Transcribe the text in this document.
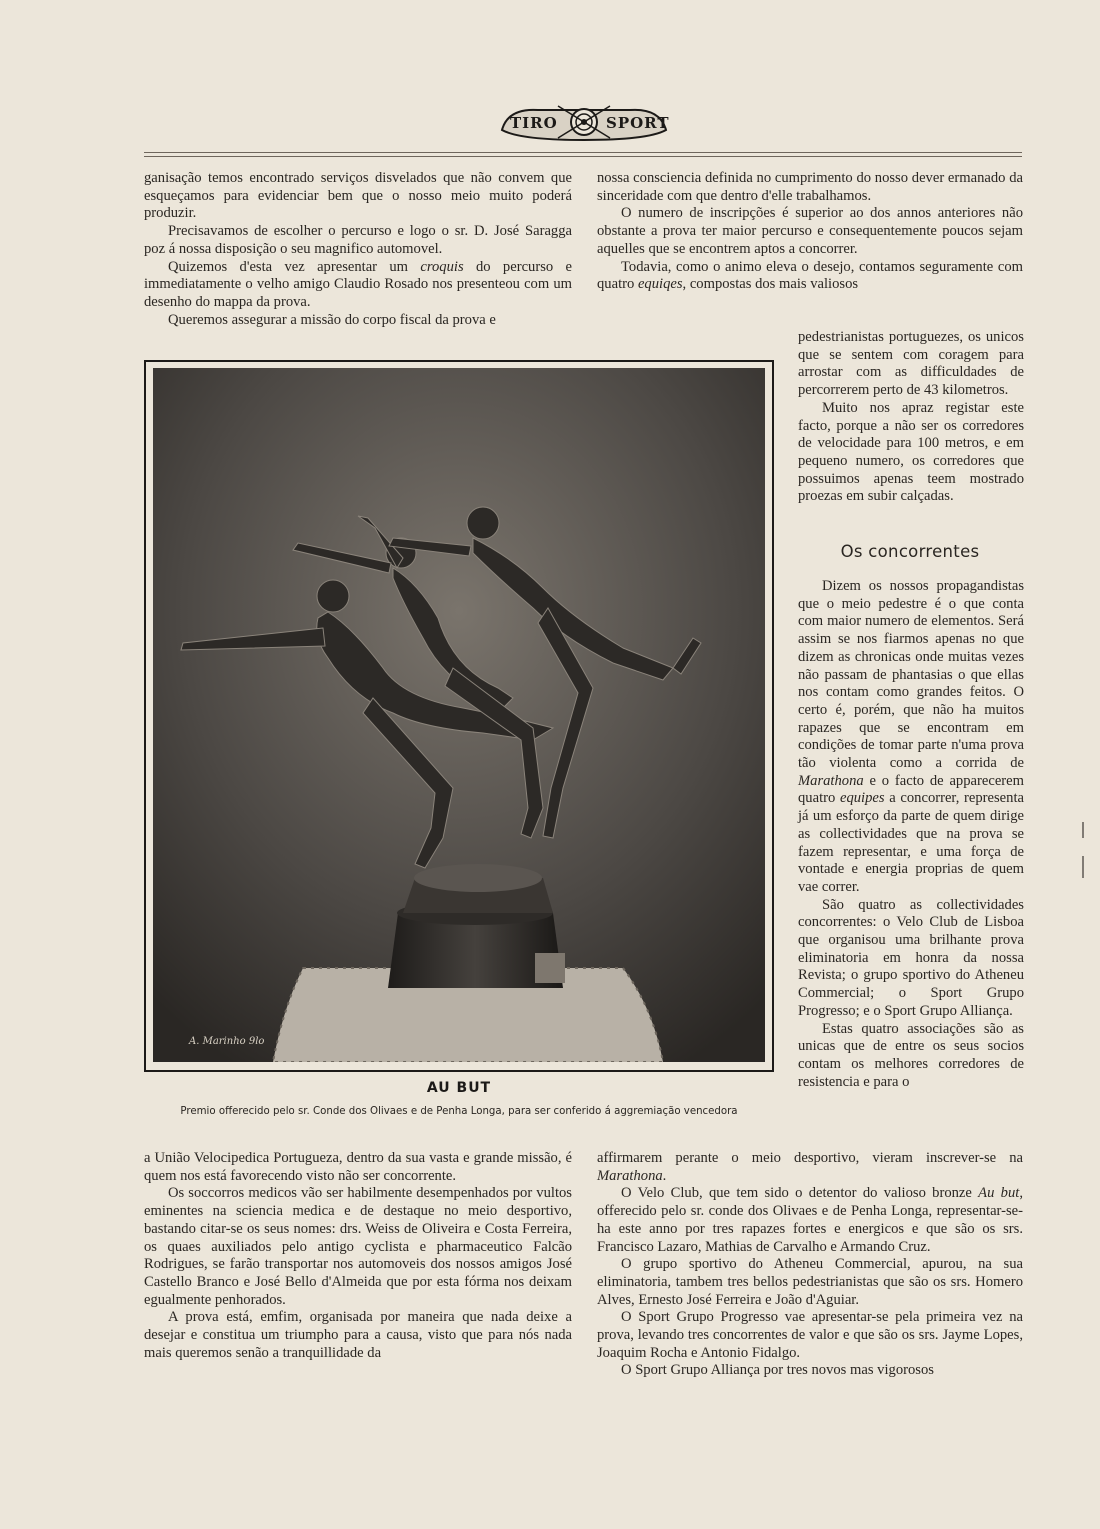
TIRO	SPORT

ganisação temos encontrado serviços disvelados que não convem que esqueçamos para evidenciar bem que o nosso meio muito poderá produzir.

Precisavamos de escolher o percurso e logo o sr. D. José Saragga poz á nossa disposição o seu magnifico automovel.

Quizemos d'esta vez apresentar um croquis do percurso e immediatamente o velho amigo Claudio Rosado nos presenteou com um desenho do mappa da prova.

Queremos assegurar a missão do corpo fiscal da prova e

nossa consciencia definida no cumprimento do nosso dever ermanado da sinceridade com que dentro d'elle trabalhamos.

O numero de inscripções é superior ao dos annos anteriores não obstante a prova ter maior percurso e consequentemente poucos sejam aquelles que se encontrem aptos a concorrer.

Todavia, como o animo eleva o desejo, contamos seguramente com quatro equiqes, compostas dos mais valiosos

pedestrianistas portuguezes, os unicos que se sentem com coragem para arrostar com as difficuldades de percorrerem perto de 43 kilometros.

Muito nos apraz registar este facto, porque a não ser os corredores de velocidade para 100 metros, e em pequeno numero, os corredores que possuimos apenas teem mostrado proezas em subir calçadas.

Os concorrentes

Dizem os nossos propagandistas que o meio pedestre é o que conta com maior numero de elementos. Será assim se nos fiarmos apenas no que dizem as chronicas onde muitas vezes não passam de phantasias o que ellas nos contam como grandes feitos. O certo é, porém, que não ha muitos rapazes que se encontram em condições de tomar parte n'uma prova tão violenta como a corrida de Marathona e o facto de apparecerem quatro equipes a concorrer, representa já um esforço da parte de quem dirige as collectividades que na prova se fazem representar, e uma força de vontade e energia proprias de quem vae correr.

São quatro as collectividades concorrentes: o Velo Club de Lisboa que organisou uma brilhante prova eliminatoria em honra da nossa Revista; o grupo sportivo do Atheneu Commercial; o Sport Grupo Progresso; e o Sport Grupo Alliança.

Estas quatro associações são as unicas que de entre os seus socios contam os melhores corredores de resistencia e para o

A. Marinho 9lo
AU BUT
Premio offerecido pelo sr. Conde dos Olivaes e de Penha Longa, para ser conferido á aggremiação vencedora

a União Velocipedica Portugueza, dentro da sua vasta e grande missão, é quem nos está favorecendo visto não ser concorrente.

Os soccorros medicos vão ser habilmente desempenhados por vultos eminentes na sciencia medica e de destaque no meio desportivo, bastando citar-se os seus nomes: drs. Weiss de Oliveira e Costa Ferreira, os quaes auxiliados pelo antigo cyclista e pharmaceutico Falcão Rodrigues, se farão transportar nos automoveis dos nossos amigos José Castello Branco e José Bello d'Almeida que por esta fórma nos deixam egualmente penhorados.

A prova está, emfim, organisada por maneira que nada deixe a desejar e constitua um triumpho para a causa, visto que para nós nada mais queremos senão a tranquillidade da

affirmarem perante o meio desportivo, vieram inscrever-se na Marathona.

O Velo Club, que tem sido o detentor do valioso bronze Au but, offerecido pelo sr. conde dos Olivaes e de Penha Longa, representar-se-ha este anno por tres rapazes fortes e energicos e que são os srs. Francisco Lazaro, Mathias de Carvalho e Armando Cruz.

O grupo sportivo do Atheneu Commercial, apurou, na sua eliminatoria, tambem tres bellos pedestrianistas que são os srs. Homero Alves, Ernesto José Ferreira e João d'Aguiar.

O Sport Grupo Progresso vae apresentar-se pela primeira vez na prova, levando tres concorrentes de valor e que são os srs. Jayme Lopes, Joaquim Rocha e Antonio Fidalgo.

O Sport Grupo Alliança por tres novos mas vigorosos
